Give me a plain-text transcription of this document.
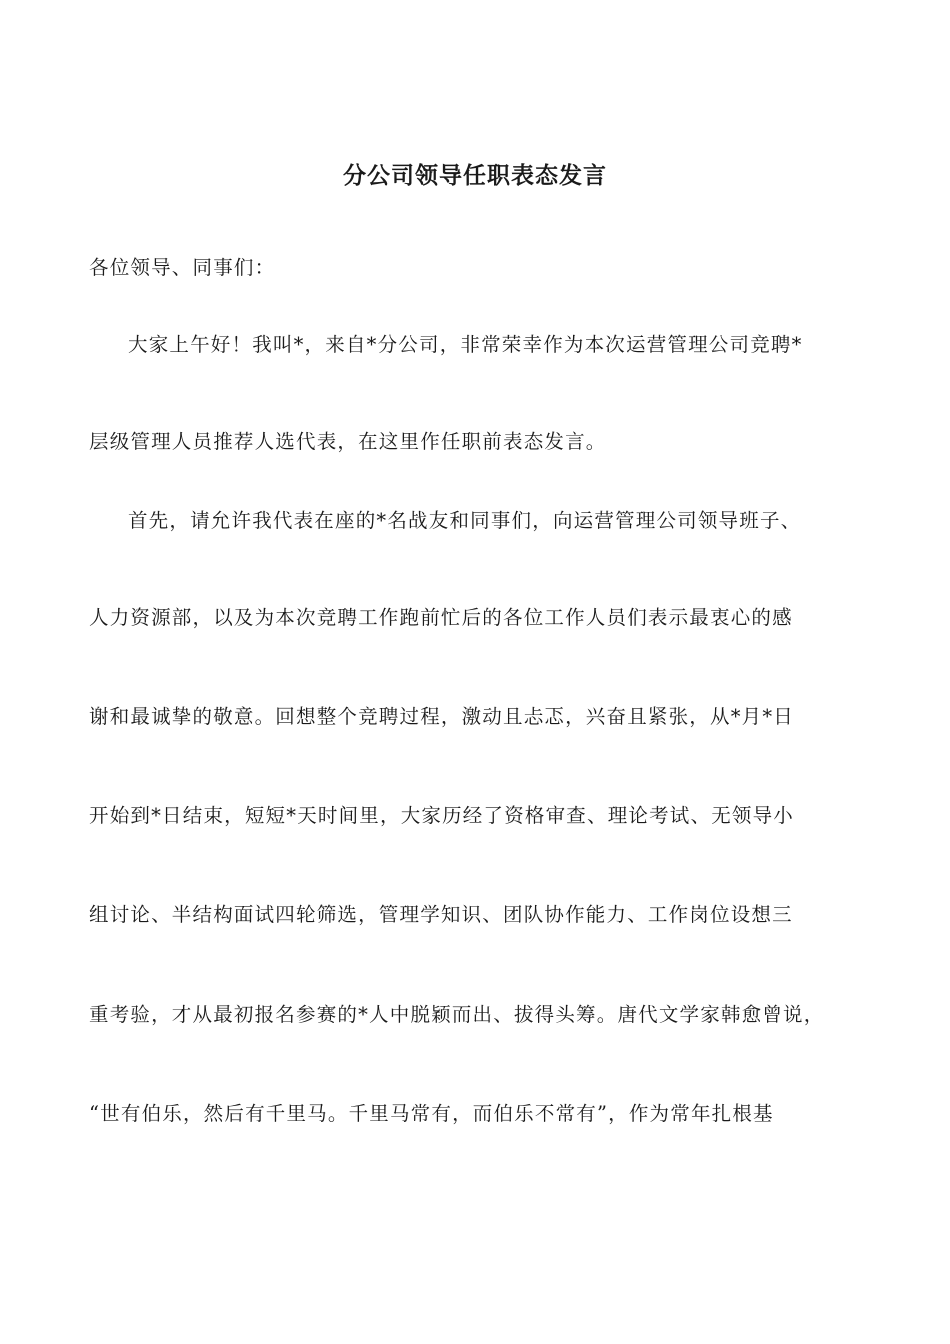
分公司领导任职表态发言
各位领导、同事们：
大家上午好！我叫*，来自*分公司，非常荣幸作为本次运营管理公司竞聘*
层级管理人员推荐人选代表，在这里作任职前表态发言。
首先，请允许我代表在座的*名战友和同事们，向运营管理公司领导班子、
人力资源部，以及为本次竞聘工作跑前忙后的各位工作人员们表示最衷心的感
谢和最诚挚的敬意。回想整个竞聘过程，激动且忐忑，兴奋且紧张，从*月*日
开始到*日结束，短短*天时间里，大家历经了资格审查、理论考试、无领导小
组讨论、半结构面试四轮筛选，管理学知识、团队协作能力、工作岗位设想三
重考验，才从最初报名参赛的*人中脱颖而出、拔得头筹。唐代文学家韩愈曾说，
“世有伯乐，然后有千里马。千里马常有，而伯乐不常有”，作为常年扎根基
